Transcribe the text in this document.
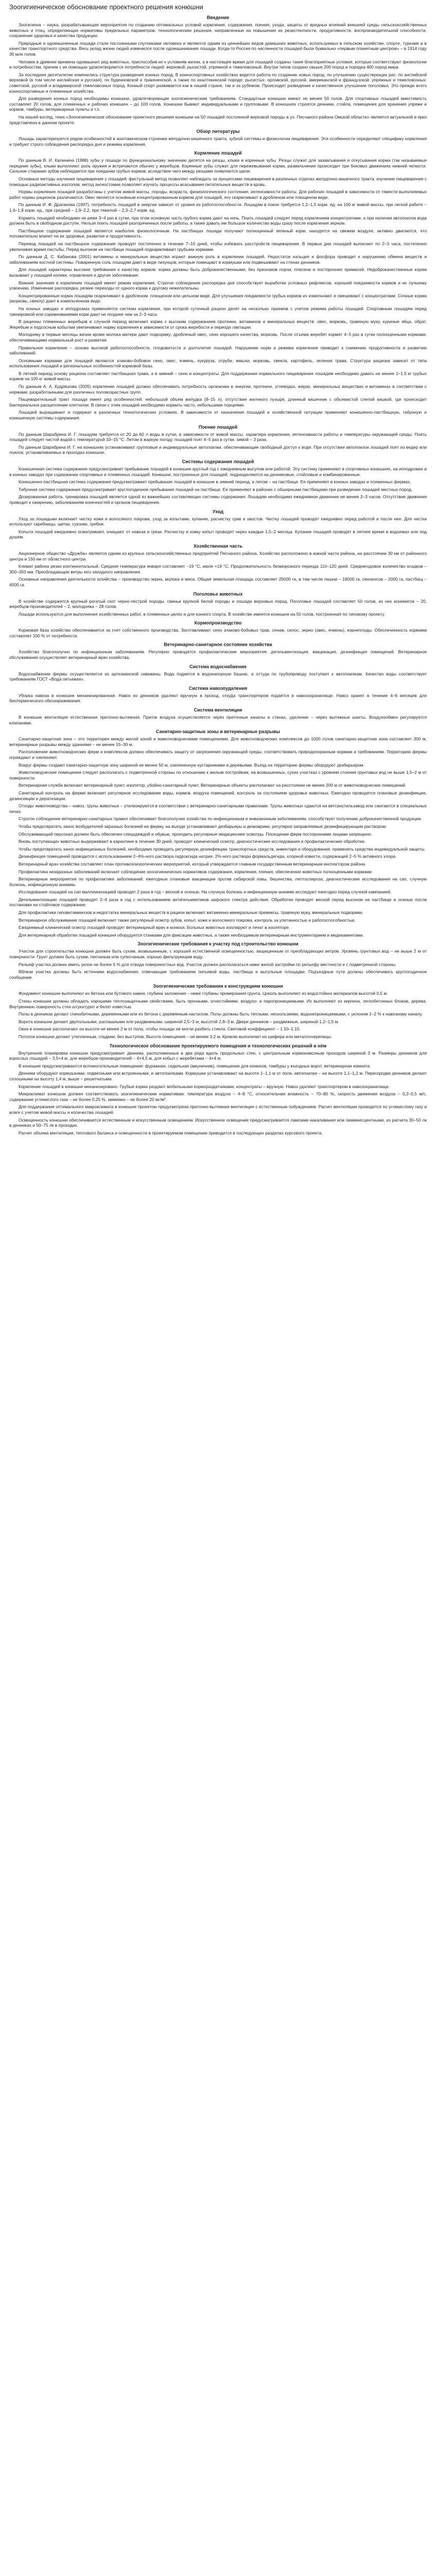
Зоогигиеническое обоснование проектного решения конюшни
Введение

Зоогигиена – наука, разрабатывающая мероприятия по созданию оптимальных условий кормления, содержания, поения, ухода, защиты от вредных влияний внешней среды сельскохозяйственных животных и птиц, определяющая нормативы предельных параметров, технологические решения, направленные на повышение их резистентности, продуктивности, воспроизводительной способности, сохранение здоровья и качества продукции.

Природные и одомашненные лошади стали постоянными спутниками человека и являются одним из ценнейших видов домашних животных, используемых в сельском хозяйстве, спорте, туризме и в качестве транспортного средства. Весь уклад жизни людей изменился после одомашнивания лошади. Когда-то Россия по численности лошадей была буквально «первым планетным центром» – в 1914 году 36 млн голов.

Человек в древние времена одомашнил ряд животных, приспособив их к условиям жизни, а в настоящее время для лошадей созданы такие благоприятные условия, которые соответствуют физиологии и потребностям, причем с их помощью удовлетворяются потребности людей: верховой, рысистой, упряжной и тяжеловозный. Внутри типов создано свыше 200 пород и порядка 400 пород мира.

За последнее десятилетие изменились структура разведения конных пород. В конноспортивных хозяйствах ведется работа по созданию новых пород, по улучшению существующих рас: по английской верховой (в том числе английская и русская), по буденновской и тракененской, а также по ахалтекинской породе; рысистых: орловской, русской, американской и французской; упряжных и тяжеловозных: советской, русской и владимирской тяжеловозных пород. Конный спорт развивается как в нашей стране, так и за рубежом. Происходит разведение и качественное улучшение поголовья. Это прежде всего конноспортивные и племенные хозяйства.

Для разведения конных пород необходимы конюшни, удовлетворяющие зоогигиеническим требованиям. Стандартные конюшни имеют не менее 50 голов. Для спортивных лошадей вместимость составляет 20 голов, для племенных и рабочих конюшен – до 100 голов. Конюшни бывают индивидуальными и групповыми. В конюшнях строятся денники, стойла, помещения для хранения упряжи и кормов, тамбуры, ветеринарные пункты и т.п.

На нашей взгляд, тема «Зоогигиеническое обоснование проектного решения конюшни на 50 лошадей постоянной верховой породы в уч. Песчаного района Омской области» является актуальной и ярко представлена в данном проекте.

Обзор литературы

Лошадь характеризуется рядом особенностей в анатомическом строении желудочно-кишечного тракта, зубной системы и физиологии пищеварения. Эти особенности определяют специфику кормления и требуют строго соблюдения распорядка дня и режима кормления.

Кормление лошадей

По данным В. И. Калинина (1988) зубы у лошади по функциональному значению делятся на резцы, клыки и коренные зубы. Резцы служат для захватывания и откусывания корма (так называемые передние зубы), клыки выполняют роль оружия и встречаются обычно у жеребцов. Коренные зубы служат для пережевывания корма, размельчение происходит при боковых движениях нижней челюсти. Сильное стирание зубов наблюдается при поедании грубых кормов, вследствие чего между резцами появляются щели.

Основные методы изучения пищеварения у лошадей: фистульный метод позволяет наблюдать за процессами пищеварения в различных отделах желудочно-кишечного тракта; изучение пищеварения с помощью радиоактивных изотопов; метод ангиостомии позволяет изучать процессы всасывания питательных веществ в кровь.

Нормы кормления лошадей разработаны с учетом живой массы, породы, возраста, физиологического состояния, интенсивности работы. Для рабочих лошадей в зависимости от тяжести выполняемых работ нормы рационов различаются. Овес является основным концентрированным кормом для лошадей, его скармливают в дробленом или плющеном виде.

По данным И. Ф. Драганова (1997), потребность лошадей в энергии зависит от уровня их работоспособности. Лошадям в покое требуется 1,2–1,5 корм. ед. на 100 кг живой массы, при легкой работе – 1,6–1,8 корм. ед., при средней – 1,9–2,2, при тяжелой – 2,3–2,7 корм. ед.

Кормить лошадей необходимо не реже 3–4 раз в сутки, при этом основную часть грубого корма дают на ночь. Поить лошадей следует перед кормлением концентратами, а при наличии автопоилок вода должна быть в свободном доступе. Нельзя поить лошадей разгоряченных после работы, а также давать им большое количество воды сразу после кормления зерном.

Пастбищное содержание лошадей является наиболее физиологичным. На пастбищах лошади получают полноценный зеленый корм, находятся на свежем воздухе, активно двигаются, что положительно влияет на их здоровье, развитие и продуктивность.

Перевод лошадей на пастбищное содержание проводят постепенно в течение 7–10 дней, чтобы избежать расстройств пищеварения. В первые дни лошадей выпасают по 2–3 часа, постепенно увеличивая время пастьбы. Перед выгоном на пастбище лошадей подкармливают грубыми кормами.

По данным Д. С. Кабанова (2001) витамины и минеральные вещества играют важную роль в кормлении лошадей. Недостаток кальция и фосфора приводит к нарушению обмена веществ и заболеваниям костной системы. Поваренную соль лошадям дают в виде лизунцов, которые помещают в кормушки или подвешивают на стенах денников.

Для лошадей характерны высокие требования к качеству кормов: корма должны быть доброкачественными, без признаков порчи, плесени и посторонних примесей. Недоброкачественные корма вызывают у лошадей колики, отравления и другие заболевания.

Важное значение в кормлении лошадей имеет режим кормления. Строгое соблюдение распорядка дня способствует выработке условных рефлексов, хорошей поедаемости кормов и их лучшему усвоению. Изменение распорядка, резкие переходы от одного корма к другому нежелательны.

Концентрированные корма лошадям скармливают в дробленом, плющеном или цельном виде. Для улучшения поедаемости грубых кормов их измельчают и смешивают с концентратами. Сочные корма (морковь, свеклу) дают в измельченном виде.

На конных заводах и ипподромах применяется система кормления, при которой суточный рацион делят на несколько приемов с учетом режима работы лошадей. Спортивным лошадям перед тренировкой или соревнованиями корм дают не позднее чем за 2–3 часа.

В рационы племенных жеребцов в случной период включают корма с высоким содержанием протеина, витаминов и минеральных веществ: овес, морковь, травяную муку, куриные яйца, обрат. Жеребым и подсосным кобылам увеличивают норму кормления в зависимости от срока жеребости и периода лактации.

Молодняку в первые месяцы жизни кроме молока матери дают подкормку: дробленый овес, сено хорошего качества, морковь. После отъема жеребят кормят 4–5 раз в сутки полноценными кормами, обеспечивающими нормальный рост и развитие.

Правильное кормление – основа высокой работоспособности, плодовитости и долголетия лошадей. Нарушение норм и режима кормления приводит к снижению продуктивности и развитию заболеваний.

Основными кормами для лошадей являются злаково-бобовое сено, овес, ячмень, кукуруза, отруби, жмыхи, морковь, свекла, картофель, зеленая трава. Структура рациона зависит от типа использования лошадей и региональных особенностей кормовой базы.

В летний период основу рациона составляет пастбищная трава, а в зимний – сено и концентраты. Для поддержания нормального пищеварения лошадям необходимо давать не менее 1–1,5 кг грубых кормов на 100 кг живой массы.

По данным А. А. Кудряшова (2005) кормление лошадей должно обеспечивать потребность организма в энергии, протеине, углеводах, жирах, минеральных веществах и витаминах в соответствии с нормами, разработанными для различных половозрастных групп.

Пищеварительный тракт лошади имеет ряд особенностей: небольшой объем желудка (8–15 л), отсутствие желчного пузыря, длинный кишечник с объемистой слепой кишкой, где происходит бактериальное расщепление клетчатки. В связи с этим лошадей необходимо кормить часто, небольшими порциями.

Лошадей выращивают и содержат в различных технологических условиях. В зависимости от назначения лошадей и хозяйственной ситуации применяют конюшенно-пастбищную, табунную и конюшенную системы содержания.

Поение лошадей

По данным Шарабрина И. Г. лошадям требуется от 20 до 60 л воды в сутки, в зависимости от живой массы, характера кормления, интенсивности работы и температуры окружающей среды. Поить лошадей следует чистой водой с температурой 10–15 °С. Летом в жаркую погоду лошадей поят 4–5 раз в сутки, зимой – 3 раза.

По данным Шарабрина И. Г. на конюшнях устанавливают групповые и индивидуальные автопоилки, обеспечивающие свободный доступ к воде. При отсутствии автопоилок лошадей поят из ведер или поилок, устанавливаемых в проходах конюшни.

Системы содержания лошадей

Конюшенная система содержания предусматривает пребывание лошадей в конюшне круглый год с ежедневным выгулом или работой. Эту систему применяют в спортивных конюшнях, на ипподромах и в конных заводах при содержании спортивных и племенных лошадей. Конюшни, построенные для лошадей, подразделяются на денниковые, стойловые и комбинированные.

Конюшенно-пастбищная система содержания предусматривает пребывание лошадей в конюшне в зимний период, а летом – на пастбище. Ее применяют в конных заводах и племенных фермах.

Табунная система содержания предусматривает круглогодичное пребывание лошадей на пастбище. Ее применяют в районах с обширными пастбищами при разведении лошадей местных пород.

Дозированная работа, тренировка лошадей является одной из важнейших составляющих системы содержания. Лошадям необходимо ежедневное движение не менее 2–3 часов. Отсутствие движения приводит к ожирению, заболеваниям конечностей и органов пищеварения.

Уход

Уход за лошадьми включает чистку кожи и волосяного покрова, уход за копытами, купание, расчистку грив и хвостов. Чистку лошадей проводят ежедневно перед работой и после нее. Для чистки используют скребницы, щетки, суконки, гребни.

Копыта лошадей ежедневно осматривают, очищают от навоза и грязи. Расчистку и ковку копыт проводят через каждые 1,5–2 месяца. Купание лошадей проводят в летнее время в водоемах или под душем.

Хозяйственная часть

Акционерное общество «Дружба» является одним из крупных сельскохозяйственных предприятий Песчаного района. Хозяйство расположено в южной части района, на расстоянии 30 км от районного центра и 150 км от областного центра.

Климат района резко континентальный. Средняя температура января составляет −19 °С, июля +19 °С. Продолжительность безморозного периода 110–120 дней. Среднегодовое количество осадков – 300–350 мм. Преобладающие ветры юго-западного направления.

Основные направления деятельности хозяйства – производство зерна, молока и мяса. Общая земельная площадь составляет 25000 га, в том числе пашни – 18000 га, сенокосов – 2000 га, пастбищ – 4000 га.

Поголовье животных

В хозяйстве содержится крупный рогатый скот черно-пестрой породы, свиньи крупной белой породы и лошади верховых пород. Поголовье лошадей составляет 50 голов, из них конематок – 20, жеребцов-производителей – 2, молодняка – 28 голов.

Лошади используются для выполнения хозяйственных работ, в племенных целях и для конного спорта. В хозяйстве имеется конюшня на 50 голов, построенная по типовому проекту.

Кормопроизводство

Кормовая база хозяйства обеспечивается за счет собственного производства. Заготавливают сено злаково-бобовых трав, сенаж, силос, зерно (овес, ячмень), корнеплоды. Обеспеченность кормами составляет 100 % от потребности.

Ветеринарно-санитарное состояние хозяйства

Хозяйство благополучно по инфекционным заболеваниям. Регулярно проводятся профилактические мероприятия: дегельминтизация, вакцинация, дезинфекция помещений. Ветеринарное обслуживание осуществляет ветеринарный врач хозяйства.

Система водоснабжения

Водоснабжение фермы осуществляется из артезианской скважины. Вода подается в водонапорную башню, а оттуда по трубопроводу поступает к автопоилкам. Качество воды соответствует требованиям ГОСТ «Вода питьевая».

Система навозоудаления

Уборка навоза в конюшне механизированная. Навоз из денников удаляют вручную в проход, откуда транспортером подается в навозохранилище. Навоз хранят в течение 4–6 месяцев для биотермического обеззараживания.

Система вентиляции

В конюшне вентиляция естественная приточно-вытяжная. Приток воздуха осуществляется через приточные каналы в стенах, удаление – через вытяжные шахты. Воздухообмен регулируется клапанами.

Санитарно-защитные зоны и ветеринарные разрывы

Санитарно-защитная зона – это территория между жилой зоной и животноводческими помещениями. Для животноводческих комплексов до 1000 голов санитарно-защитная зона составляет 300 м, ветеринарные разрывы между зданиями – не менее 15–30 м.

Расположение животноводческих ферм и комплексов должно обеспечивать защиту от загрязнения окружающей среды, соответствовать природоохранным нормам и требованиям. Территорию фермы ограждают и озеленяют.

Вокруг фермы создают санитарно-защитную зону шириной не менее 50 м, озелененную кустарниками и деревьями. Въезд на территорию фермы оборудуют дезбарьером.

Животноводческие помещения следует располагать с подветренной стороны по отношению к жилым постройкам, на возвышенных, сухих участках с уровнем стояния грунтовых вод не выше 1,5–2 м от поверхности.

Ветеринарная служба включает ветеринарный пункт, изолятор, убойно-санитарный пункт. Ветеринарные объекты располагают на расстоянии не менее 200 м от животноводческих помещений.

Санитарный контроль на ферме включает регулярное исследование воды, кормов, воздуха помещений, контроль за состоянием здоровья животных. Ежегодно проводятся плановые дезинфекции, дезинсекции и дератизации.

Отходы животноводства – навоз, трупы животных – утилизируются в соответствии с ветеринарно-санитарными правилами. Трупы животных сдаются на ветсанутильзавод или сжигаются в специальных печах.

Строгое соблюдение ветеринарно-санитарных правил обеспечивает благополучие хозяйства по инфекционным и инвазионным заболеваниям, способствует получению доброкачественной продукции.

Чтобы предотвратить занос возбудителей заразных болезней на ферму, на въезде устанавливают дезбарьеры и дезковрики, регулярно заправляемые дезинфицирующим раствором.

Обслуживающий персонал должен быть обеспечен спецодеждой и обувью, проходить регулярные медицинские осмотры. Посещение ферм посторонними лицами запрещено.

Вновь поступающих животных выдерживают в карантине в течение 30 дней, проводят клинический осмотр, диагностические исследования и профилактические обработки.

Чтобы предотвратить занос инфекционных болезней, необходимо проводить регулярную дезинфекцию транспортных средств, инвентаря и оборудования, применять средства индивидуальной защиты.

Дезинфекция помещений проводится с использованием 2–4%-ного раствора гидроксида натрия, 2%-ного раствора формальдегида, хлорной извести, содержащей 2–5 % активного хлора.

Ветеринарный врач хозяйства составляет план противоэпизоотических мероприятий, который утверждается главным государственным ветеринарным инспектором района.

Профилактика незаразных заболеваний включает соблюдение зоогигиенических нормативов содержания, кормления, поения, обеспечение животных полноценными кормами.

Ветеринарные мероприятия по профилактике заболеваний: ежегодные плановые вакцинации против сибирской язвы, бешенства, лептоспироза; диагностические исследования на сап, случную болезнь, инфекционную анемию.

Исследование лошадей на сап маллеинизацией проводят 2 раза в год – весной и осенью. На случную болезнь и инфекционную анемию исследуют ежегодно перед случной кампанией.

Дегельминтизацию лошадей проводят 2–4 раза в год с использованием антигельминтиков широкого спектра действия. Обработки проводят весной перед выгоном на пастбище и осенью после постановки на стойловое содержание.

Для профилактики гиповитаминозов и недостатка минеральных веществ в рацион включают витаминно-минеральные премиксы, травяную муку, минеральные подкормки.

Ветеринарное обслуживание лошадей включает также регулярный осмотр зубов, копыт, кожи и волосяного покрова, контроль за упитанностью и работоспособностью.

Ежедневный клинический осмотр лошадей проводят ветеринарный врач и конюхи. Больных животных изолируют и лечат в изоляторе.

Для ветеринарной обработки лошадей конюшня оборудуется станками для фиксации животных, а также необходимым ветеринарным инструментарием и медикаментами.

Зоогигиенические требования к участку под строительство конюшни

Участок для строительства конюшни должен быть сухим, возвышенным, с хорошей естественной освещенностью, защищенным от преобладающих ветров. Уровень грунтовых вод – не выше 2 м от поверхности. Грунт должен быть сухим, песчаным или супесчаным, хорошо фильтрующим воду.

Рельеф участка должен иметь уклон не более 5 % для отвода поверхностных вод. Участок должен располагаться ниже жилой застройки по рельефу местности и с подветренной стороны.

Вблизи участка должны быть источники водоснабжения, отвечающие требованиям питьевой воды, пастбища и выгульные площадки. Подъездные пути должны обеспечивать круглогодичное сообщение.

Зоогигиенические требования к конструкциям конюшни

Фундамент конюшни выполняют из бетона или бутового камня, глубина заложения – ниже глубины промерзания грунта. Цоколь выполняют из водостойких материалов высотой 0,5 м.

Стены конюшни должны обладать хорошими теплозащитными свойствами, быть прочными, огнестойкими, воздухо- и паропроницаемыми. Их выполняют из кирпича, легкобетонных блоков, дерева. Внутреннюю поверхность стен штукатурят и белят известью.

Полы в денниках делают глинобитными, деревянными или из бетона с деревянным настилом. Полы должны быть теплыми, нескользкими, водонепроницаемыми, с уклоном 1–2 % к навозному каналу.

Ворота конюшни делают двупольными, распашными или раздвижными, шириной 2,5–3 м, высотой 2,8–3 м. Двери денников – раздвижные, шириной 1,2–1,5 м.

Окна в конюшне располагают на высоте не менее 2 м от пола, чтобы лошади не могли разбить стекла. Световой коэффициент – 1:10–1:15.

Потолок конюшни делают утепленным, гладким, без выступов. Высота помещения – не менее 3,2 м. Кровлю выполняют из шифера или металлочерепицы.

Технологическое обоснование проектируемого помещения и технологических решений в нём

Внутренняя планировка конюшни предусматривает денники, расположенные в два ряда вдоль продольных стен, с центральным кормонавозным проходом шириной 3 м. Размеры денников для взрослых лошадей – 3,5×4 м, для жеребцов-производителей – 4×4,5 м, для кобыл с жеребятами – 4×4 м.

В конюшне предусматриваются вспомогательные помещения: фуражная, седельная (амуничник), помещение для конюхов, тамбуры у въездных ворот, ветеринарная комната.

Денники оборудуют кормушками, подвесными или встроенными, и автопоилками. Кормушки устанавливают на высоте 1–1,1 м от пола, автопоилки – на высоте 1,1–1,2 м. Перегородки денников делают сплошными на высоту 1,4 м, выше – решетчатыми.

Кормление лошадей в конюшне механизировано. Грубые корма раздают мобильными кормораздатчиками, концентраты – вручную. Навоз удаляют транспортером в навозохранилище.

Микроклимат конюшни должен соответствовать зоогигиеническим нормативам: температура воздуха – 4–8 °С, относительная влажность – 70–80 %, скорость движения воздуха – 0,2–0,5 м/с, содержание углекислого газа – не более 0,25 %, аммиака – не более 20 мг/м³.

Для поддержания оптимального микроклимата в конюшне проектом предусмотрена приточно-вытяжная вентиляция с естественным побуждением. Расчет вентиляции проводится по углекислому газу и влаге с учетом живой массы и количества лошадей.

Освещенность конюшни обеспечивается естественным и искусственным освещением. Искусственное освещение предусматривается лампами накаливания или люминесцентными, из расчета 30–50 лк в денниках и 50–75 лк в проходах.

Расчет объема вентиляции, теплового баланса и освещенности в проектируемом помещении приводится в последующих разделах курсового проекта.
